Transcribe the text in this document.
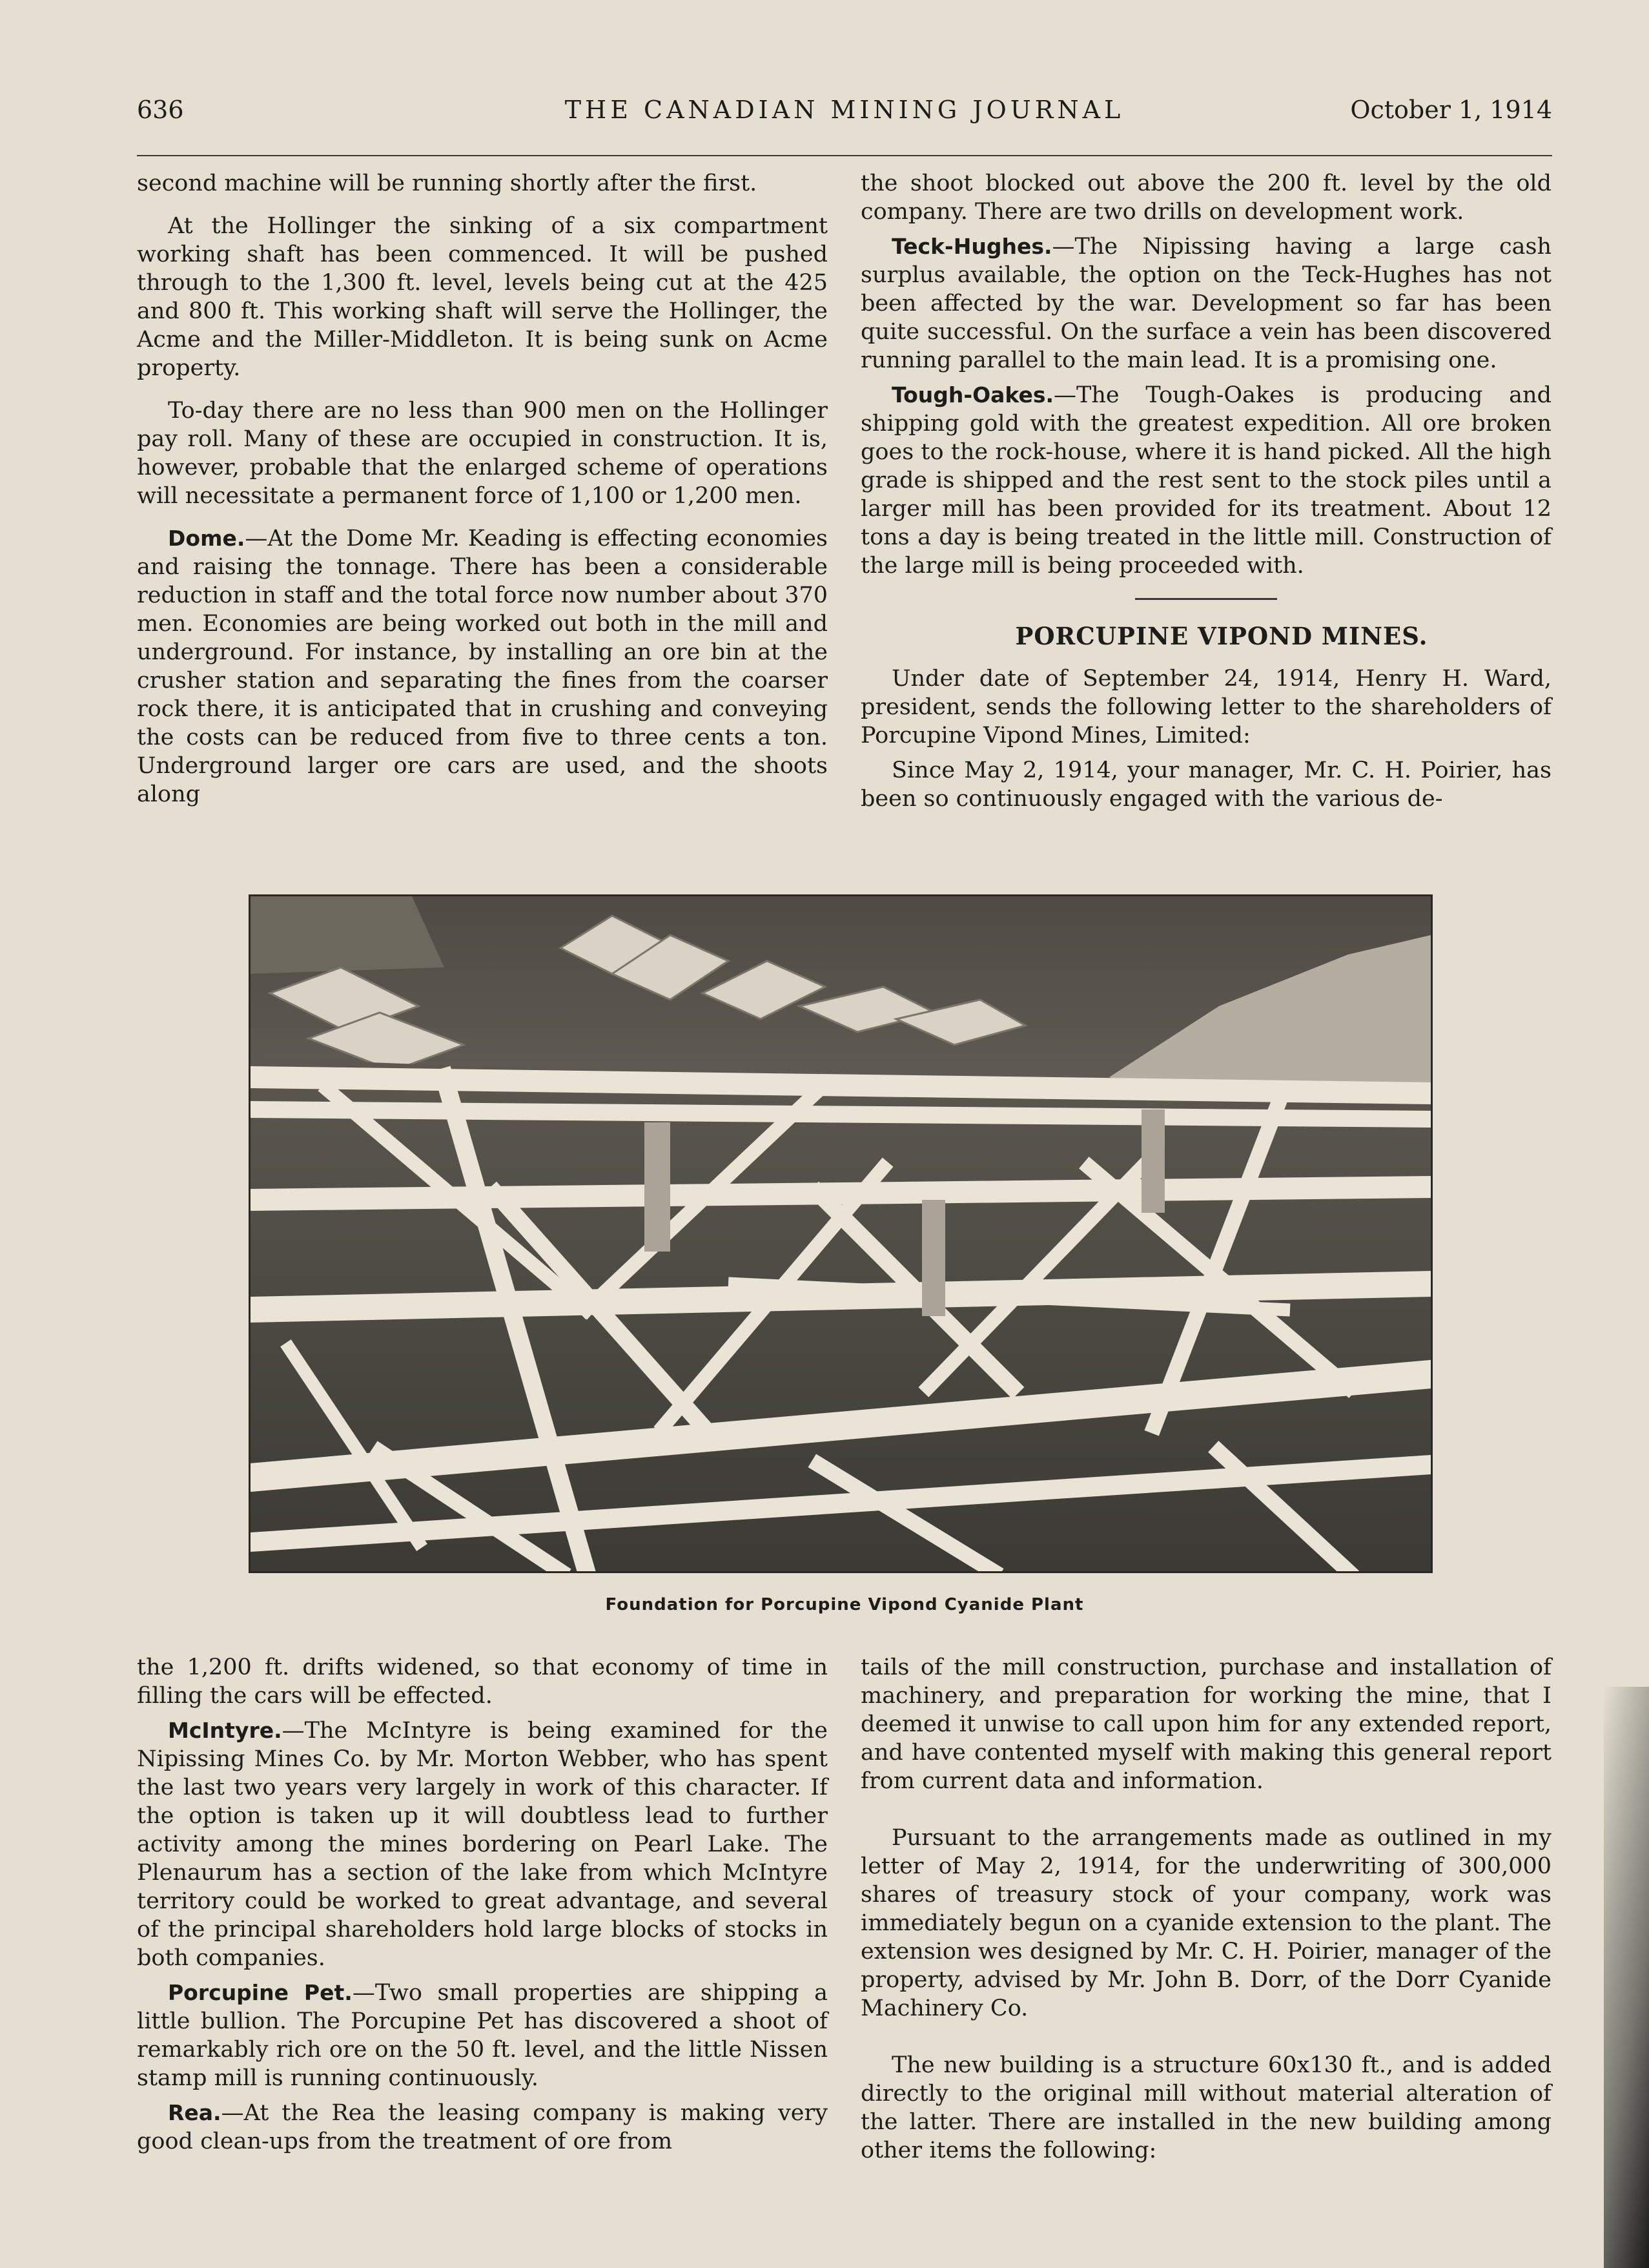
THE CANADIAN MINING JOURNAL
636	October 1, 1914

second machine will be running shortly after the first.

At the Hollinger the sinking of a six compartment working shaft has been commenced. It will be pushed through to the 1,300 ft. level, levels being cut at the 425 and 800 ft. This working shaft will serve the Hollinger, the Acme and the Miller-Middleton. It is being sunk on Acme property.

To-day there are no less than 900 men on the Hollinger pay roll. Many of these are occupied in construction. It is, however, probable that the enlarged scheme of operations will necessitate a permanent force of 1,100 or 1,200 men.

Dome.—At the Dome Mr. Keading is effecting economies and raising the tonnage. There has been a considerable reduction in staff and the total force now number about 370 men. Economies are being worked out both in the mill and underground. For instance, by installing an ore bin at the crusher station and separating the fines from the coarser rock there, it is anticipated that in crushing and conveying the costs can be reduced from five to three cents a ton. Underground larger ore cars are used, and the shoots along

the shoot blocked out above the 200 ft. level by the old company. There are two drills on development work.

Teck-Hughes.—The Nipissing having a large cash surplus available, the option on the Teck-Hughes has not been affected by the war. Development so far has been quite successful. On the surface a vein has been discovered running parallel to the main lead. It is a promising one.

Tough-Oakes.—The Tough-Oakes is producing and shipping gold with the greatest expedition. All ore broken goes to the rock-house, where it is hand picked. All the high grade is shipped and the rest sent to the stock piles until a larger mill has been provided for its treatment. About 12 tons a day is being treated in the little mill. Construction of the large mill is being proceeded with.

PORCUPINE VIPOND MINES.

Under date of September 24, 1914, Henry H. Ward, president, sends the following letter to the shareholders of Porcupine Vipond Mines, Limited:

Since May 2, 1914, your manager, Mr. C. H. Poirier, has been so continuously engaged with the various de-

Foundation for Porcupine Vipond Cyanide Plant

the 1,200 ft. drifts widened, so that economy of time in filling the cars will be effected.

McIntyre.—The McIntyre is being examined for the Nipissing Mines Co. by Mr. Morton Webber, who has spent the last two years very largely in work of this character. If the option is taken up it will doubtless lead to further activity among the mines bordering on Pearl Lake. The Plenaurum has a section of the lake from which McIntyre territory could be worked to great advantage, and several of the principal shareholders hold large blocks of stocks in both companies.

Porcupine Pet.—Two small properties are shipping a little bullion. The Porcupine Pet has discovered a shoot of remarkably rich ore on the 50 ft. level, and the little Nissen stamp mill is running continuously.

Rea.—At the Rea the leasing company is making very good clean-ups from the treatment of ore from

tails of the mill construction, purchase and installation of machinery, and preparation for working the mine, that I deemed it unwise to call upon him for any extended report, and have contented myself with making this general report from current data and information.

Pursuant to the arrangements made as outlined in my letter of May 2, 1914, for the underwriting of 300,000 shares of treasury stock of your company, work was immediately begun on a cyanide extension to the plant. The extension wes designed by Mr. C. H. Poirier, manager of the property, advised by Mr. John B. Dorr, of the Dorr Cyanide Machinery Co.

The new building is a structure 60x130 ft., and is added directly to the original mill without material alteration of the latter. There are installed in the new building among other items the following:
